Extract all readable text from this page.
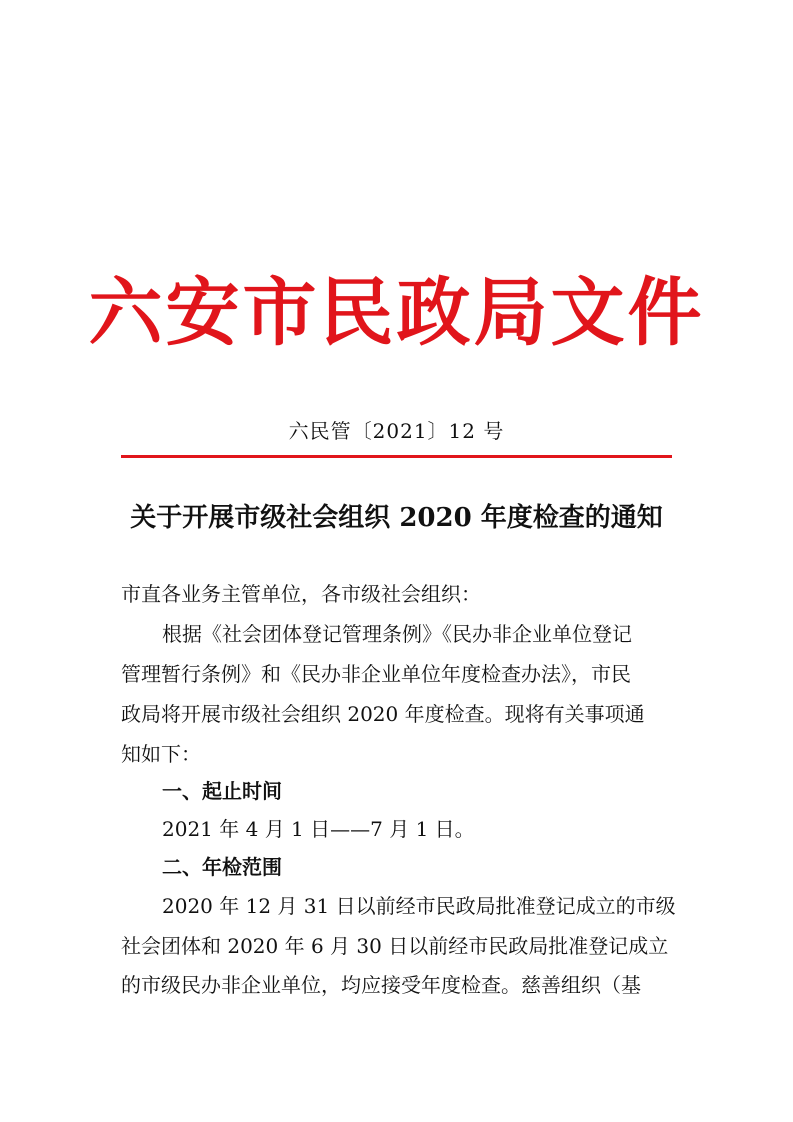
六安市民政局文件
六民管〔2021〕12 号
关于开展市级社会组织 2020 年度检查的通知
市直各业务主管单位，各市级社会组织：
根据《社会团体登记管理条例》《民办非企业单位登记
管理暂行条例》和《民办非企业单位年度检查办法》，市民
政局将开展市级社会组织 2020 年度检查。现将有关事项通
知如下：
一、起止时间
2021 年 4 月 1 日——7 月 1 日。
二、年检范围
2020 年 12 月 31 日以前经市民政局批准登记成立的市级
社会团体和 2020 年 6 月 30 日以前经市民政局批准登记成立
的市级民办非企业单位，均应接受年度检查。慈善组织（基
